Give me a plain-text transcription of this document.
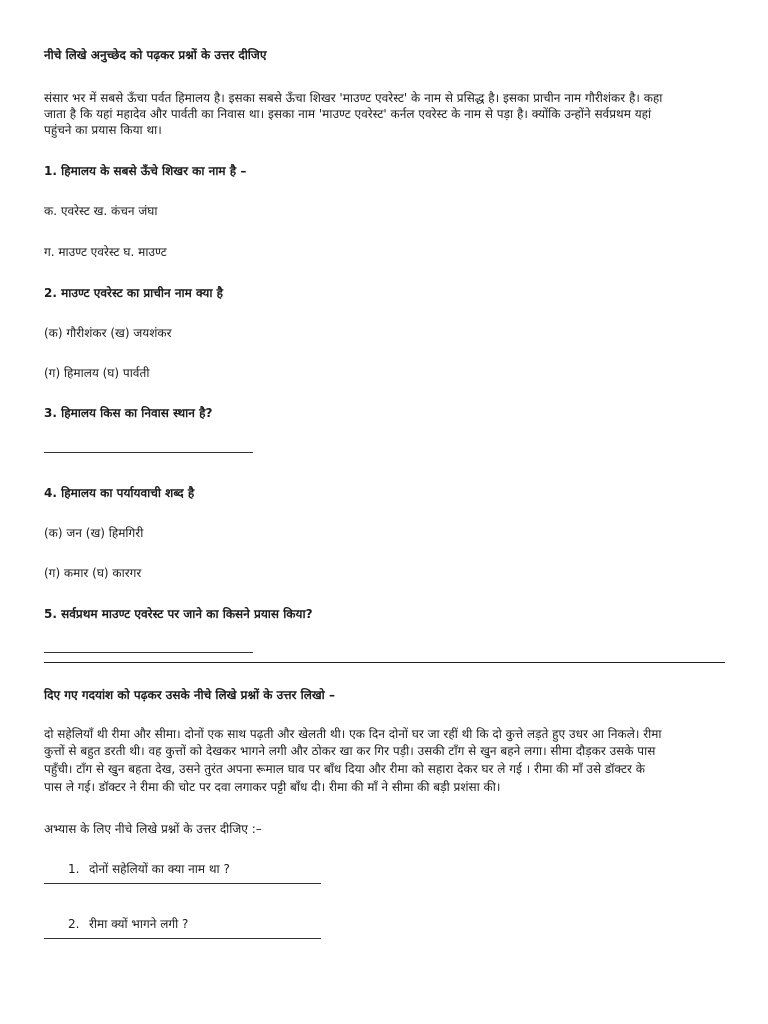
नीचे लिखे अनुच्छेद को पढ़कर प्रश्नों के उत्तर दीजिए

संसार भर में सबसे ऊँचा पर्वत हिमालय है। इसका सबसे ऊँचा शिखर 'माउण्ट एवरेस्ट' के नाम से प्रसिद्ध है। इसका प्राचीन नाम गौरीशंकर है। कहा

जाता है कि यहां महादेव और पार्वती का निवास था। इसका नाम 'माउण्ट एवरेस्ट' कर्नल एवरेस्ट के नाम से पड़ा है। क्योंकि उन्होंने सर्वप्रथम यहां

पहुंचने का प्रयास किया था।

1. हिमालय के सबसे ऊँचे शिखर का नाम है –

क. एवरेस्ट ख. कंचन जंघा

ग. माउण्ट एवरेस्ट घ. माउण्ट

2. माउण्ट एवरेस्ट का प्राचीन नाम क्या है

(क) गौरीशंकर (ख) जयशंकर

(ग) हिमालय (घ) पार्वती

3. हिमालय किस का निवास स्थान है?

4. हिमालय का पर्यायवाची शब्द है

(क) जन (ख) हिमगिरी

(ग) कमार (घ) कारगर

5. सर्वप्रथम माउण्ट एवरेस्ट पर जाने का किसने प्रयास किया?

दिए गए गदयांश को पढ़कर उसके नीचे लिखे प्रश्नों के उत्तर लिखो –

दो सहेलियाँ थी रीमा और सीमा। दोनों एक साथ पढ़ती और खेलती थी। एक दिन दोनों घर जा रहीं थी कि दो कुत्ते लड़ते हुए उधर आ निकले। रीमा

कुत्तों से बहुत डरती थी। वह कुत्तों को देखकर भागने लगी और ठोकर खा कर गिर पड़ी। उसकी टाँग से खुन बहने लगा। सीमा दौड़कर उसके पास

पहुँची। टाँग से खुन बहता देख, उसने तुरंत अपना रूमाल घाव पर बाँध दिया और रीमा को सहारा देकर घर ले गई । रीमा की माँ उसे डॉक्टर के

पास ले गई। डॉक्टर ने रीमा की चोट पर दवा लगाकर पट्टी बाँध दी। रीमा की माँ ने सीमा की बड़ी प्रशंसा की।

अभ्यास के लिए नीचे लिखे प्रश्नों के उत्तर दीजिए :–

1. दोनों सहेलियों का क्या नाम था ?
2. रीमा क्यों भागने लगी ?
